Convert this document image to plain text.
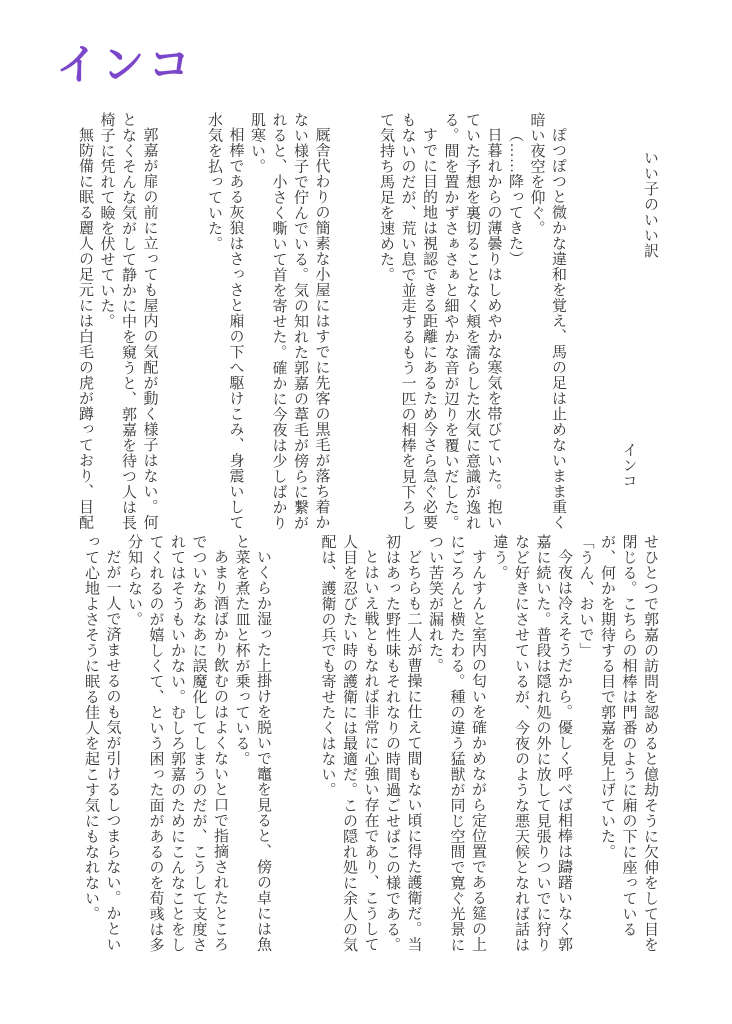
インコ

いい子のいい訳

インコ

ぽつぽつと微かな違和を覚え、馬の足は止めないまま重く暗い夜空を仰ぐ。

（……降ってきた）

日暮れからの薄曇りはしめやかな寒気を帯びていた。抱いていた予想を裏切ることなく頬を濡らした水気に意識が逸れる。間を置かずさぁさぁと細やかな音が辺りを覆いだした。

すでに目的地は視認できる距離にあるため今さら急ぐ必要もないのだが、荒い息で並走するもう一匹の相棒を見下ろして気持ち馬足を速めた。

厩舎代わりの簡素な小屋にはすでに先客の黒毛が落ち着かない様子で佇んでいる。気の知れた郭嘉の葦毛が傍らに繋がれると、小さく嘶いて首を寄せた。確かに今夜は少しばかり肌寒い。

相棒である灰狼はさっさと廂の下へ駆けこみ、身震いして水気を払っていた。

郭嘉が扉の前に立っても屋内の気配が動く様子はない。何となくそんな気がして静かに中を窺うと、郭嘉を待つ人は長椅子に凭れて瞼を伏せていた。

無防備に眠る麗人の足元には白毛の虎が蹲っており、目配

せひとつで郭嘉の訪問を認めると億劫そうに欠伸をして目を閉じる。こちらの相棒は門番のように廂の下に座っているが、何かを期待する目で郭嘉を見上げていた。

「うん、おいで」

今夜は冷えそうだから。優しく呼べば相棒は躊躇いなく郭嘉に続いた。普段は隠れ処の外に放して見張りついでに狩りなど好きにさせているが、今夜のような悪天候となれば話は違う。

すんすんと室内の匂いを確かめながら定位置である筵の上にごろんと横たわる。種の違う猛獣が同じ空間で寛ぐ光景につい苦笑が漏れた。

どちらも二人が曹操に仕えて間もない頃に得た護衛だ。当初はあった野性味もそれなりの時間過ごせばこの様である。

とはいえ戦ともなれば非常に心強い存在であり、こうして人目を忍びたい時の護衛には最適だ。この隠れ処に余人の気配は、護衛の兵でも寄せたくはない。

いくらか湿った上掛けを脱いで竈を見ると、傍の卓には魚と菜を煮た皿と杯が乗っている。

あまり酒ばかり飲むのはよくないと口で指摘されたところでついなあなあに誤魔化してしまうのだが、こうして支度されてはそうもいかない。むしろ郭嘉のためにこんなことをしてくれるのが嬉しくて、という困った面があるのを荀彧は多分知らない。

だが一人で済ませるのも気が引けるしつまらない。かといって心地よさそうに眠る佳人を起こす気にもなれない。
